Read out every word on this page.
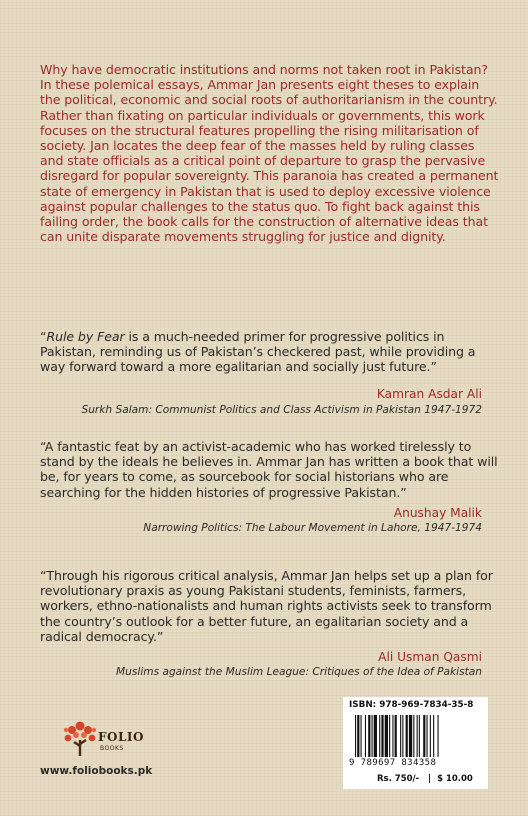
Why have democratic institutions and norms not taken root in Pakistan? In these polemical essays, Ammar Jan presents eight theses to explain the political, economic and social roots of authoritarianism in the country. Rather than fixating on particular individuals or governments, this work focuses on the structural features propelling the rising militarisation of society. Jan locates the deep fear of the masses held by ruling classes and state officials as a critical point of departure to grasp the pervasive disregard for popular sovereignty. This paranoia has created a permanent state of emergency in Pakistan that is used to deploy excessive violence against popular challenges to the status quo. To fight back against this failing order, the book calls for the construction of alternative ideas that can unite disparate movements struggling for justice and dignity.

“Rule by Fear is a much-needed primer for progressive politics in Pakistan, reminding us of Pakistan’s checkered past, while providing a way forward toward a more egalitarian and socially just future.”

Kamran Asdar Ali

Surkh Salam: Communist Politics and Class Activism in Pakistan 1947-1972

“A fantastic feat by an activist-academic who has worked tirelessly to stand by the ideals he believes in. Ammar Jan has written a book that will be, for years to come, as sourcebook for social historians who are searching for the hidden histories of progressive Pakistan.”

Anushay Malik

Narrowing Politics: The Labour Movement in Lahore, 1947-1974

“Through his rigorous critical analysis, Ammar Jan helps set up a plan for revolutionary praxis as young Pakistani students, feminists, farmers, workers, ethno-nationalists and human rights activists seek to transform the country’s outlook for a better future, an egalitarian society and a radical democracy.”

Ali Usman Qasmi

Muslims against the Muslim League: Critiques of the Idea of Pakistan

FOLIO
BOOKS

www.foliobooks.pk

ISBN: 978-969-7834-35-8

9 789697 834358

Rs. 750/-   |  $ 10.00
